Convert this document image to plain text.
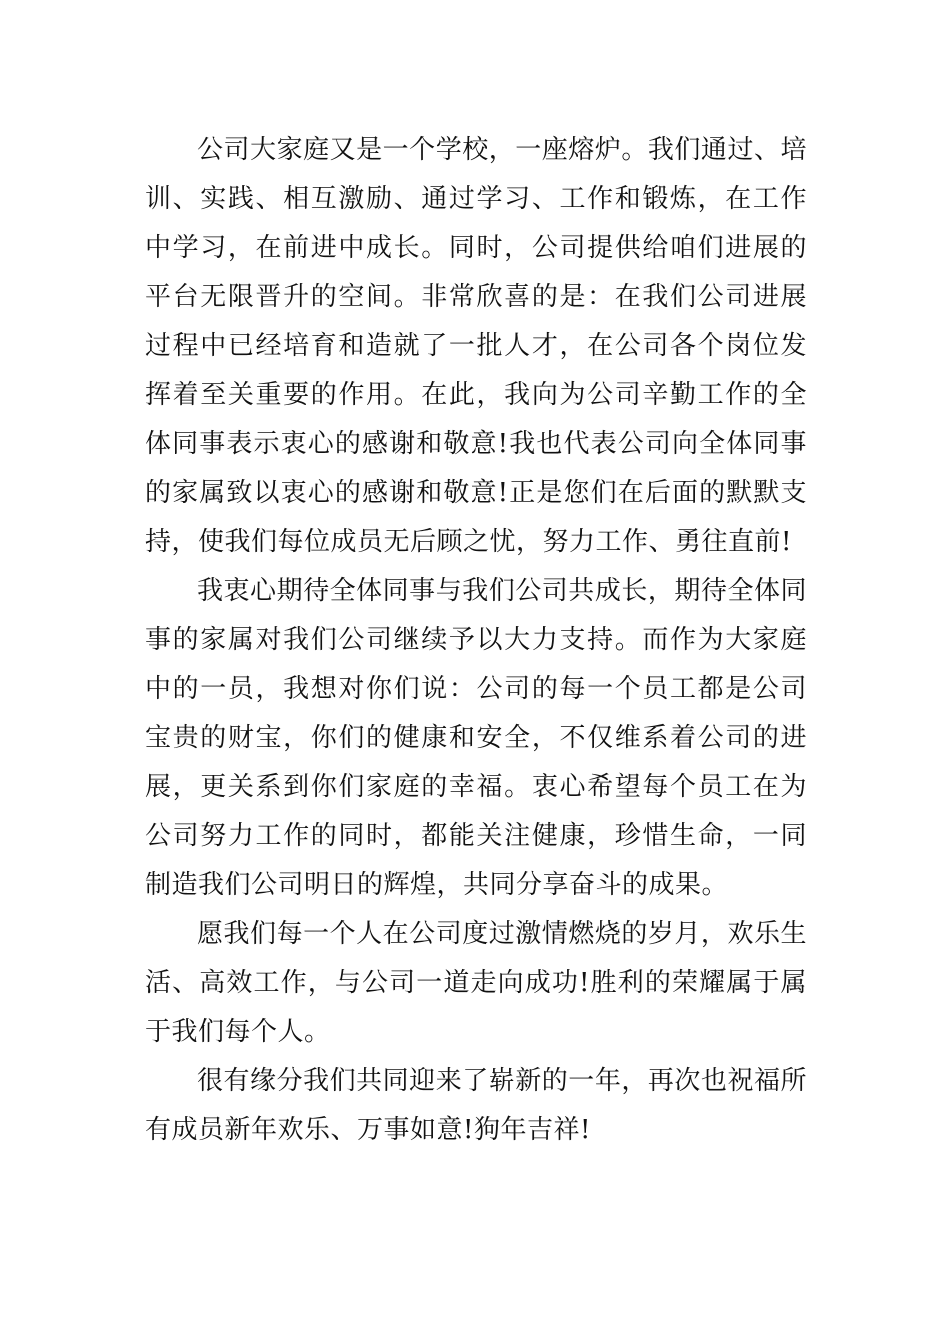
公司大家庭又是一个学校，一座熔炉。我们通过、培训、实践、相互激励、通过学习、工作和锻炼，在工作中学习，在前进中成长。同时，公司提供给咱们进展的平台无限晋升的空间。非常欣喜的是：在我们公司进展过程中已经培育和造就了一批人才，在公司各个岗位发挥着至关重要的作用。在此，我向为公司辛勤工作的全体同事表示衷心的感谢和敬意!我也代表公司向全体同事的家属致以衷心的感谢和敬意!正是您们在后面的默默支持，使我们每位成员无后顾之忧，努力工作、勇往直前!

我衷心期待全体同事与我们公司共成长，期待全体同事的家属对我们公司继续予以大力支持。而作为大家庭中的一员，我想对你们说：公司的每一个员工都是公司宝贵的财宝，你们的健康和安全，不仅维系着公司的进展，更关系到你们家庭的幸福。衷心希望每个员工在为公司努力工作的同时，都能关注健康，珍惜生命，一同制造我们公司明日的辉煌，共同分享奋斗的成果。

愿我们每一个人在公司度过激情燃烧的岁月，欢乐生活、高效工作，与公司一道走向成功!胜利的荣耀属于属于我们每个人。

很有缘分我们共同迎来了崭新的一年，再次也祝福所有成员新年欢乐、万事如意!狗年吉祥!
